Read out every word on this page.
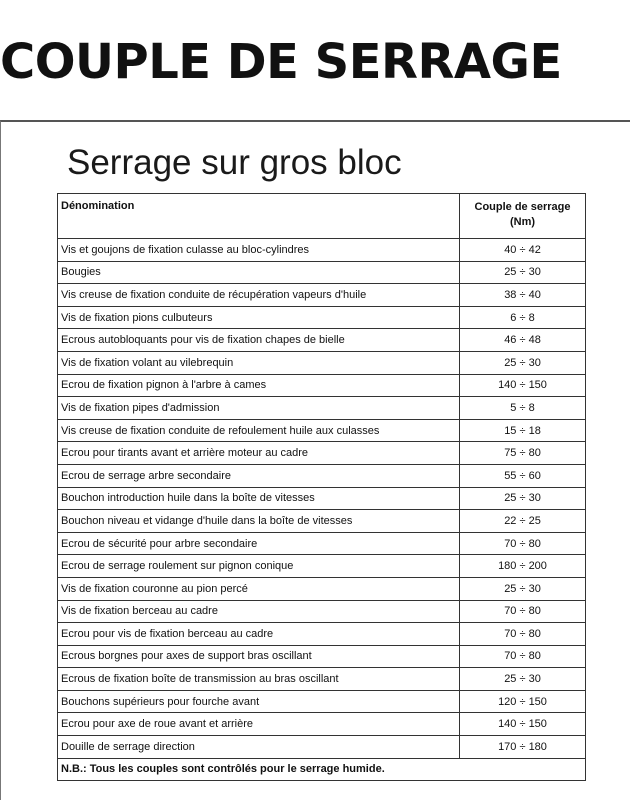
COUPLE DE SERRAGE
Serrage sur gros bloc
Dénomination	Couple de serrage
(Nm)

Vis et goujons de fixation culasse au bloc-cylindres	40 ÷ 42
Bougies	25 ÷ 30
Vis creuse de fixation conduite de récupération vapeurs d'huile	38 ÷ 40
Vis de fixation pions culbuteurs	6 ÷ 8
Ecrous autobloquants pour vis de fixation chapes de bielle	46 ÷ 48
Vis de fixation volant au vilebrequin	25 ÷ 30
Ecrou de fixation pignon à l'arbre à cames	140 ÷ 150
Vis de fixation pipes d'admission	5 ÷ 8
Vis creuse de fixation conduite de refoulement huile aux culasses	15 ÷ 18
Ecrou pour tirants avant et arrière moteur au cadre	75 ÷ 80
Ecrou de serrage arbre secondaire	55 ÷ 60
Bouchon introduction huile dans la boîte de vitesses	25 ÷ 30
Bouchon niveau et vidange d'huile dans la boîte de vitesses	22 ÷ 25
Ecrou de sécurité pour arbre secondaire	70 ÷ 80
Ecrou de serrage roulement sur pignon conique	180 ÷ 200
Vis de fixation couronne au pion percé	25 ÷ 30
Vis de fixation berceau au cadre	70 ÷ 80
Ecrou pour vis de fixation berceau au cadre	70 ÷ 80
Ecrous borgnes pour axes de support bras oscillant	70 ÷ 80
Ecrous de fixation boîte de transmission au bras oscillant	25 ÷ 30
Bouchons supérieurs pour fourche avant	120 ÷ 150
Ecrou pour axe de roue avant et arrière	140 ÷ 150
Douille de serrage direction	170 ÷ 180
N.B.: Tous les couples sont contrôlés pour le serrage humide.	
